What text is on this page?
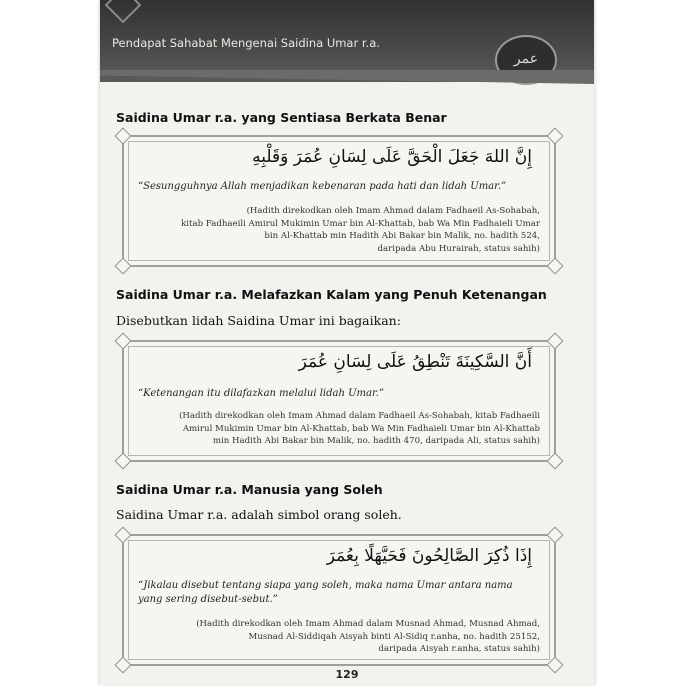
Pendapat Sahabat Mengenai Saidina Umar r.a.
عمر
Saidina Umar r.a. yang Sentiasa Berkata Benar
إِنَّ اللهَ جَعَلَ الْحَقَّ عَلَى لِسَانِ عُمَرَ وَقَلْبِهِ
“Sesungguhnya Allah menjadikan kebenaran pada hati dan lidah Umar.”
(Hadith direkodkan oleh Imam Ahmad dalam Fadhaeil As-Sohabah,
kitab Fadhaeili Amirul Mukimin Umar bin Al-Khattab, bab Wa Min Fadhaieli Umar
bin Al-Khattab min Hadith Abi Bakar bin Malik, no. hadith 524,
daripada Abu Hurairah, status sahih)
Saidina Umar r.a. Melafazkan Kalam yang Penuh Ketenangan
Disebutkan lidah Saidina Umar ini bagaikan:
أَنَّ السَّكِينَةَ تَنْطِقُ عَلَى لِسَانِ عُمَرَ
“Ketenangan itu dilafazkan melalui lidah Umar.”
(Hadith direkodkan oleh Imam Ahmad dalam Fadhaeil As-Sohabah, kitab Fadhaeili
Amirul Mukimin Umar bin Al-Khattab, bab Wa Min Fadhaieli Umar bin Al-Khattab
min Hadith Abi Bakar bin Malik, no. hadith 470, daripada Ali, status sahih)
Saidina Umar r.a. Manusia yang Soleh
Saidina Umar r.a. adalah simbol orang soleh.
إِذَا ذُكِرَ الصَّالِحُونَ فَحَيَّهَلًا بِعُمَرَ
“Jikalau disebut tentang siapa yang soleh, maka nama Umar antara nama
yang sering disebut-sebut.”
(Hadith direkodkan oleh Imam Ahmad dalam Musnad Ahmad, Musnad Ahmad,
Musnad Al-Siddiqah Aisyah binti Al-Sidiq r.anha, no. hadith 25152,
daripada Aisyah r.anha, status sahih)
129
